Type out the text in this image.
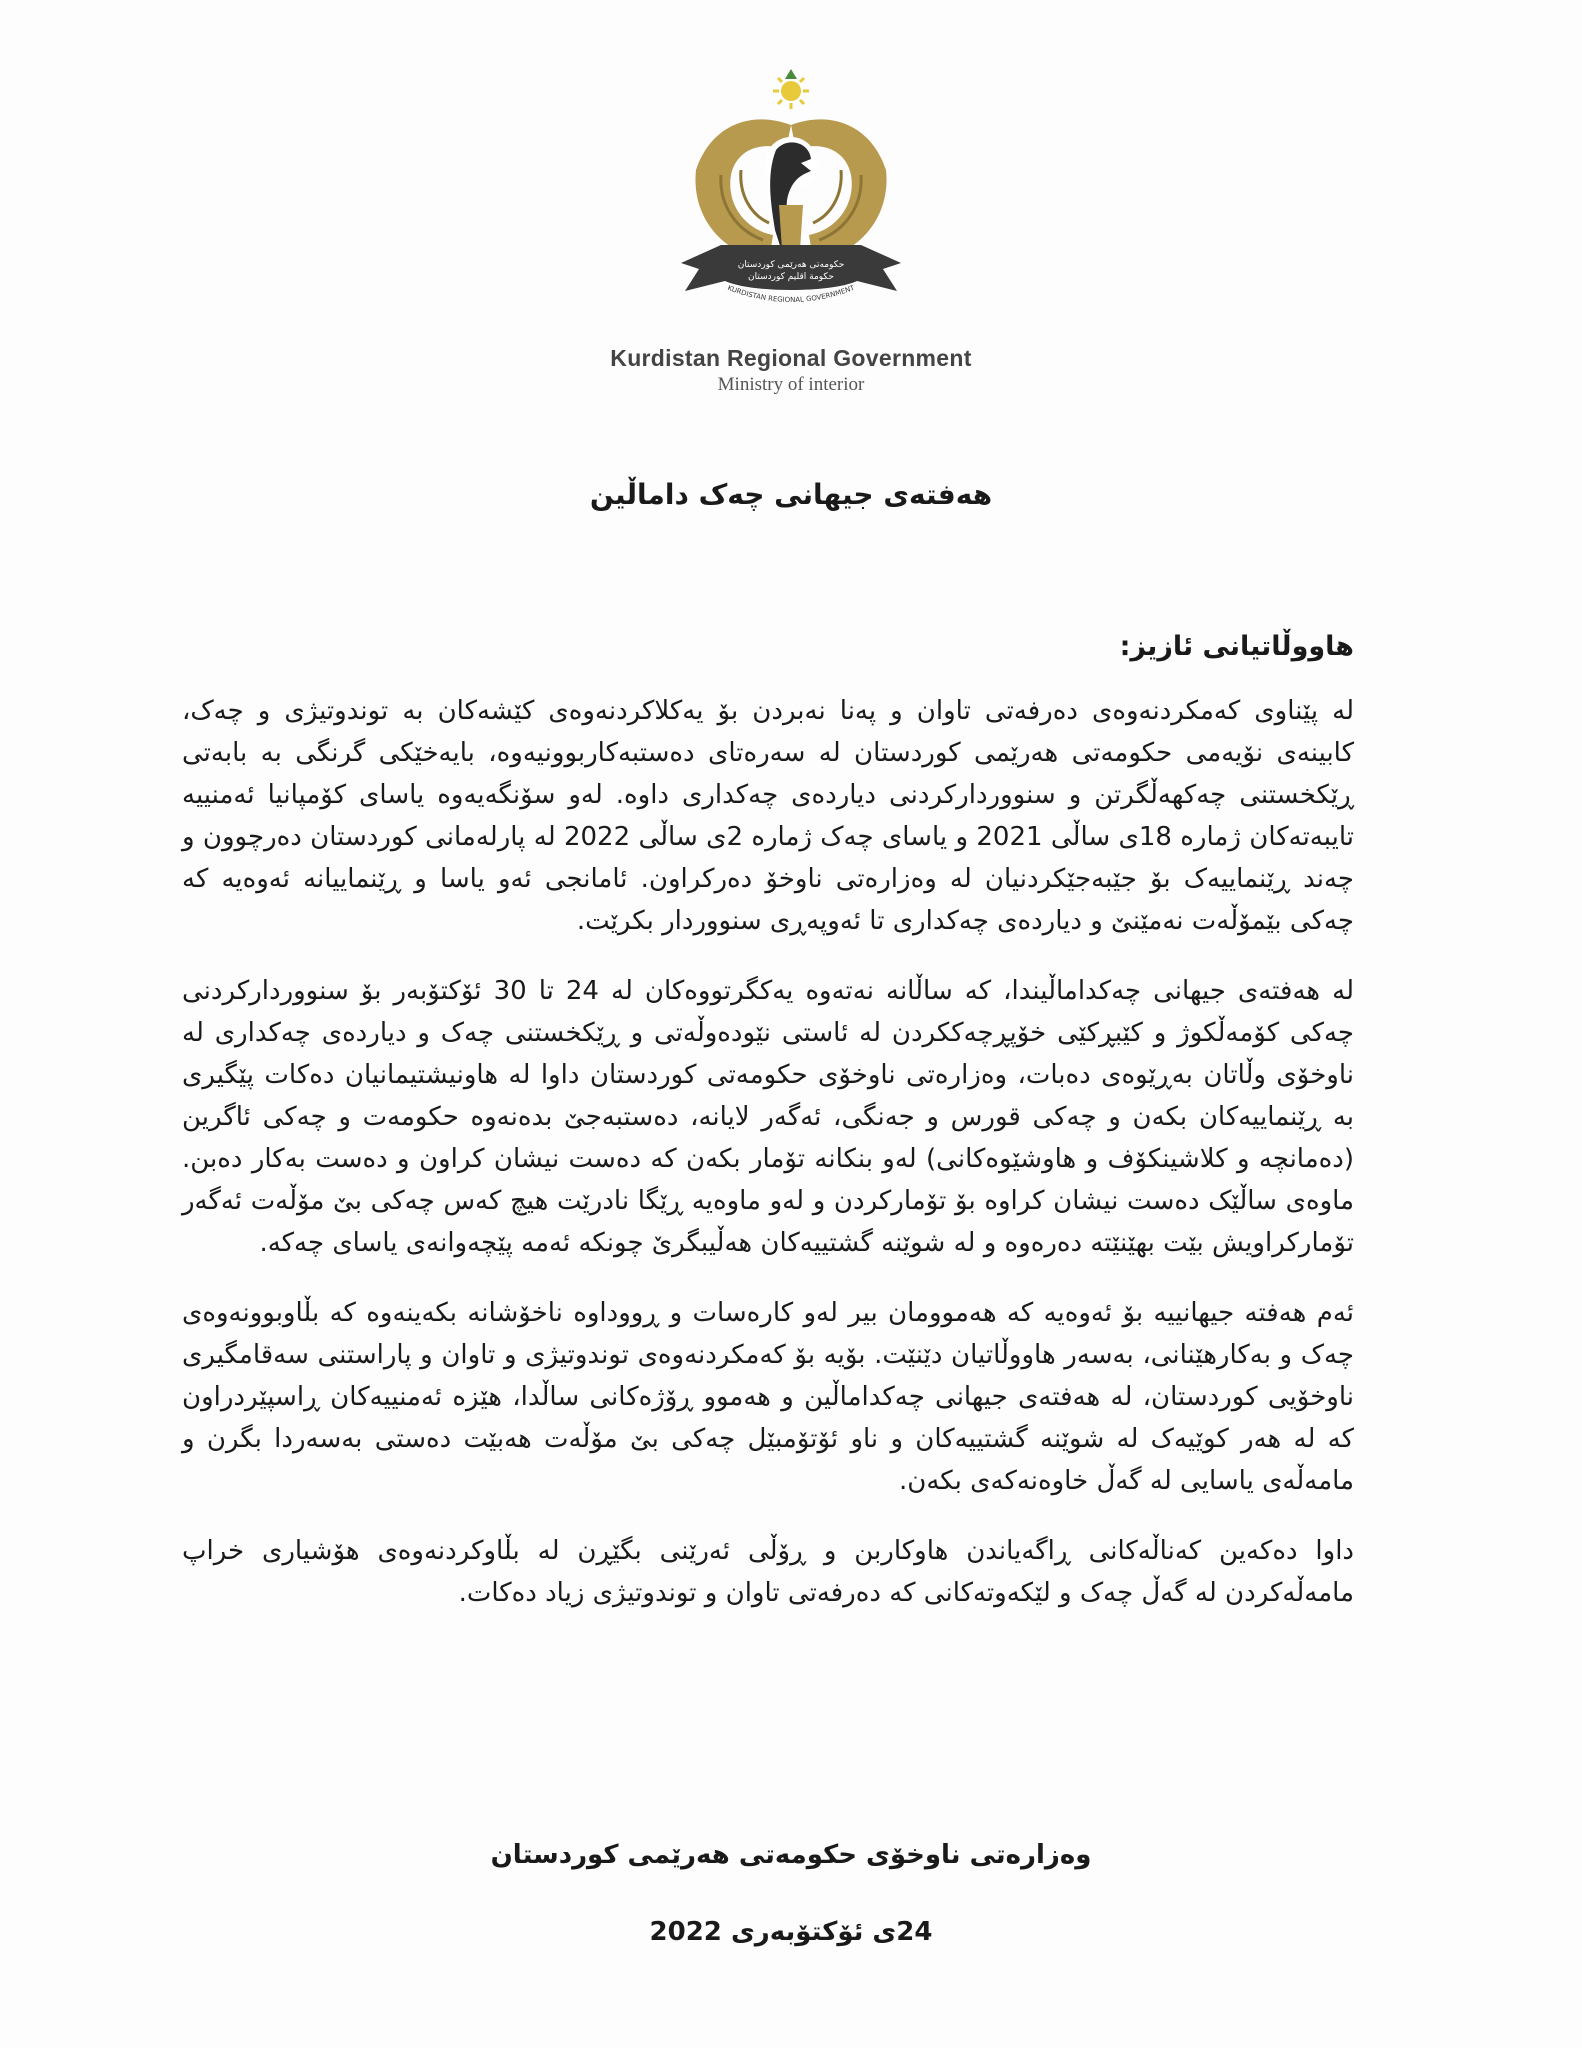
حکومەتی هەرێمی کوردستان
حكومة اقليم كوردستان
KURDISTAN REGIONAL GOVERNMENT
Kurdistan Regional Government
Ministry of interior
هەفتەی جیهانی چەک داماڵین

هاووڵاتیانی ئازیز:

لە پێناوی کەمکردنەوەی دەرفەتی تاوان و پەنا نەبردن بۆ یەکلاکردنەوەی کێشەکان بە توندوتیژی و چەک، کابینەی نۆیەمی حکومەتی هەرێمی کوردستان لە سەرەتای دەستبەکاربوونیەوە، بایەخێکی گرنگی بە بابەتی ڕێکخستنی چەکهەڵگرتن و سنووردارکردنی دیاردەی چەکداری داوە. لەو سۆنگەیەوە یاسای کۆمپانیا ئەمنییە تایبەتەکان ژمارە 18ی ساڵی 2021 و یاسای چەک ژمارە 2ی ساڵی 2022 لە پارلەمانی کوردستان دەرچوون و چەند ڕێنماییەک بۆ جێبەجێکردنیان لە وەزارەتی ناوخۆ دەرکراون. ئامانجی ئەو یاسا و ڕێنماییانە ئەوەیە کە چەکی بێمۆڵەت نەمێنێ و دیاردەی چەکداری تا ئەوپەڕی سنووردار بکرێت.

لە هەفتەی جیهانی چەکداماڵیندا، کە ساڵانە نەتەوە یەکگرتووەکان لە 24 تا 30 ئۆکتۆبەر بۆ سنووردارکردنی چەکی کۆمەڵکوژ و کێبڕکێی خۆپڕچەککردن لە ئاستی نێودەوڵەتی و ڕێکخستنی چەک و دیاردەی چەکداری لە ناوخۆی وڵاتان بەڕێوەی دەبات، وەزارەتی ناوخۆی حکومەتی کوردستان داوا لە هاونیشتیمانیان دەکات پێگیری بە ڕێنماییەکان بکەن و چەکی قورس و جەنگی، ئەگەر لایانە، دەستبەجێ بدەنەوە حکومەت و چەکی ئاگرین (دەمانچە و کلاشینکۆف و هاوشێوەکانی) لەو بنکانە تۆمار بکەن کە دەست نیشان کراون و دەست بەکار دەبن. ماوەی ساڵێک دەست نیشان کراوە بۆ تۆمارکردن و لەو ماوەیە ڕێگا نادرێت هیچ کەس چەکی بێ مۆڵەت ئەگەر تۆمارکراویش بێت بهێنێتە دەرەوە و لە شوێنە گشتییەکان هەڵیبگرێ چونکە ئەمە پێچەوانەی یاسای چەکە.

ئەم هەفتە جیهانییە بۆ ئەوەیە کە هەموومان بیر لەو کارەسات و ڕووداوە ناخۆشانە بکەینەوە کە بڵاوبوونەوەی چەک و بەکارهێنانی، بەسەر هاووڵاتیان دێنێت. بۆیە بۆ کەمکردنەوەی توندوتیژی و تاوان و پاراستنی سەقامگیری ناوخۆیی کوردستان، لە هەفتەی جیهانی چەکداماڵین و هەموو ڕۆژەکانی ساڵدا، هێزە ئەمنییەکان ڕاسپێردراون کە لە هەر کوێیەک لە شوێنە گشتییەکان و ناو ئۆتۆمبێل چەکی بێ مۆڵەت هەبێت دەستی بەسەردا بگرن و مامەڵەی یاسایی لە گەڵ خاوەنەکەی بکەن.

داوا دەکەین کەناڵەکانی ڕاگەیاندن هاوکاربن و ڕۆڵی ئەرێنی بگێڕن لە بڵاوکردنەوەی هۆشیاری خراپ مامەڵەکردن لە گەڵ چەک و لێکەوتەکانی کە دەرفەتی تاوان و توندوتیژی زیاد دەکات.

وەزارەتی ناوخۆی حکومەتی هەرێمی کوردستان
24ی ئۆکتۆبەری 2022
